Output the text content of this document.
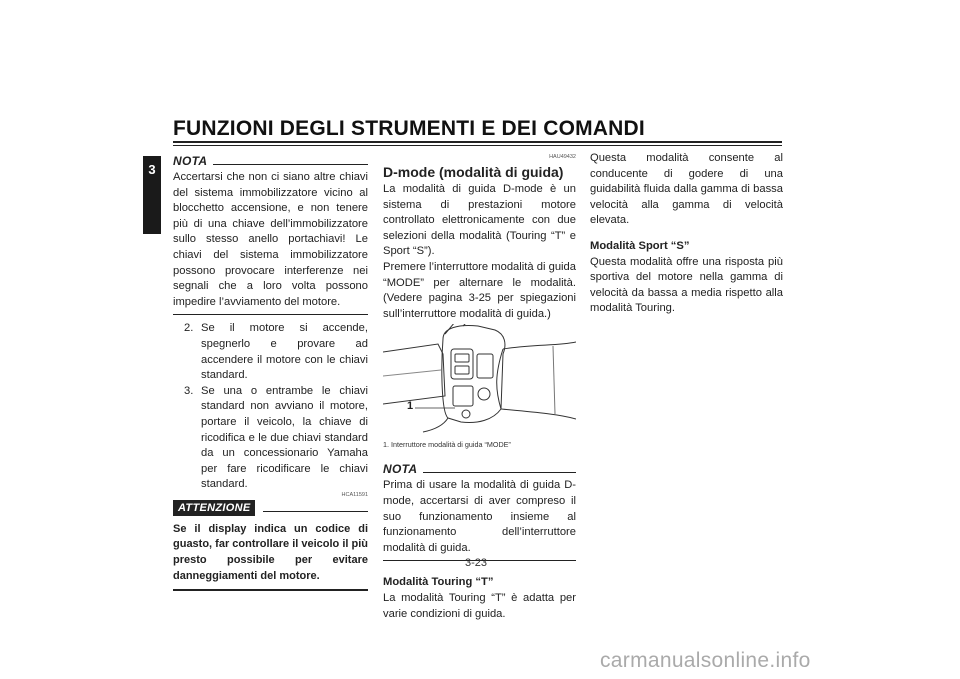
FUNZIONI DEGLI STRUMENTI E DEI COMANDI
3
NOTA

Accertarsi che non ci siano altre chiavi del sistema immobilizzatore vicino al blocchetto accensione, e non tenere più di una chiave dell’immobilizzatore sullo stesso anello portachiavi! Le chiavi del sistema immobilizzatore possono provocare interferenze nei segnali che a loro volta possono impedire l’avviamento del motore.

2. Se il motore si accende, spegnerlo e provare ad accendere il motore con le chiavi standard.

3. Se una o entrambe le chiavi standard non avviano il motore, portare il veicolo, la chiave di ricodifica e le due chiavi standard da un concessionario Yamaha per fare ricodificare le chiavi standard.

ATTENZIONE
HCA11591

Se il display indica un codice di guasto, far controllare il veicolo il più presto possibile per evitare danneggiamenti del motore.

HAU49432
D-mode (modalità di guida)

La modalità di guida D-mode è un sistema di prestazioni motore controllato elettronicamente con due selezioni della modalità (Touring “T” e Sport “S”).

Premere l’interruttore modalità di guida “MODE” per alternare le modalità. (Vedere pagina 3-25 per spiegazioni sull’interruttore modalità di guida.)

1
1. Interruttore modalità di guida “MODE”
NOTA

Prima di usare la modalità di guida D-mode, accertarsi di aver compreso il suo funzionamento insieme al funzionamento dell’interruttore modalità di guida.

Modalità Touring “T”

La modalità Touring “T” è adatta per varie condizioni di guida.

Questa modalità consente al conducente di godere di una guidabilità fluida dalla gamma di bassa velocità alla gamma di velocità elevata.

Modalità Sport “S”

Questa modalità offre una risposta più sportiva del motore nella gamma di velocità da bassa a media rispetto alla modalità Touring.

3-23
carmanualsonline.info
